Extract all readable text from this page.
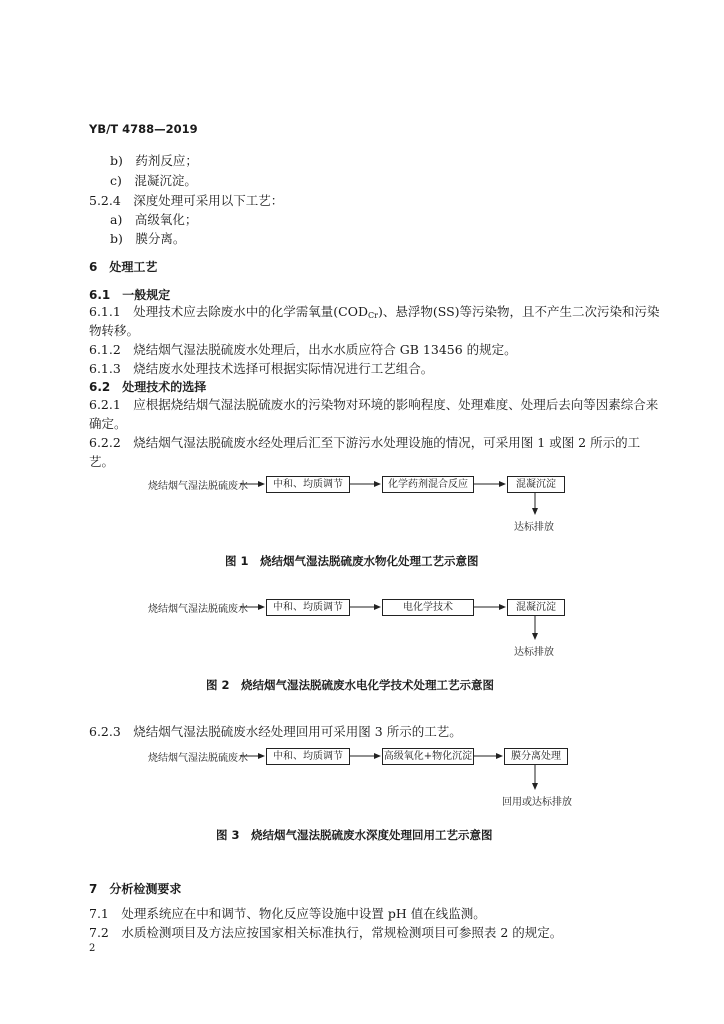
YB/T 4788—2019
b)　药剂反应；
c)　混凝沉淀。
5.2.4　深度处理可采用以下工艺：
a)　高级氧化；
b)　膜分离。
6　处理工艺
6.1　一般规定
6.1.1　处理技术应去除废水中的化学需氧量$(COD_{Cr})$、悬浮物(SS)等污染物，且不产生二次污染和污染
物转移。
6.1.2　烧结烟气湿法脱硫废水处理后，出水水质应符合 GB 13456 的规定。
6.1.3　烧结废水处理技术选择可根据实际情况进行工艺组合。
6.2　处理技术的选择
6.2.1　应根据烧结烟气湿法脱硫废水的污染物对环境的影响程度、处理难度、处理后去向等因素综合来
确定。
6.2.2　烧结烟气湿法脱硫废水经处理后汇至下游污水处理设施的情况，可采用图 1 或图 2 所示的工
艺。
烧结烟气湿法脱硫废水	中和、均质调节	化学药剂混合反应	混凝沉淀
达标排放
图 1　烧结烟气湿法脱硫废水物化处理工艺示意图
烧结烟气湿法脱硫废水	中和、均质调节	电化学技术	混凝沉淀
达标排放
图 2　烧结烟气湿法脱硫废水电化学技术处理工艺示意图
6.2.3　烧结烟气湿法脱硫废水经处理回用可采用图 3 所示的工艺。
烧结烟气湿法脱硫废水	中和、均质调节	高级氧化+物化沉淀	膜分离处理
回用或达标排放
图 3　烧结烟气湿法脱硫废水深度处理回用工艺示意图
7　分析检测要求
7.1　处理系统应在中和调节、物化反应等设施中设置 pH 值在线监测。
7.2　水质检测项目及方法应按国家相关标准执行，常规检测项目可参照表 2 的规定。
2
